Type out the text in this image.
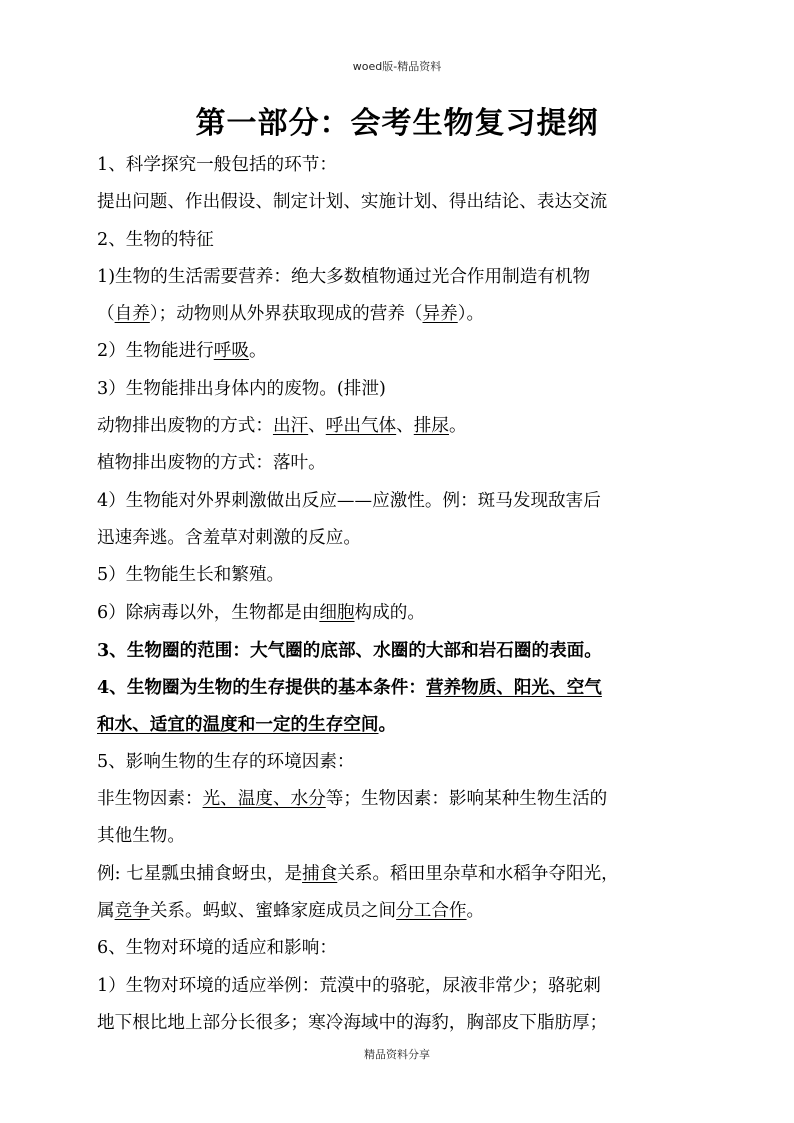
woed版-精品资料
第一部分：会考生物复习提纲
1、科学探究一般包括的环节：
提出问题、作出假设、制定计划、实施计划、得出结论、表达交流
2、生物的特征
1)生物的生活需要营养：绝大多数植物通过光合作用制造有机物
（自养）；动物则从外界获取现成的营养（异养）。
2）生物能进行呼吸。
3）生物能排出身体内的废物。(排泄)
动物排出废物的方式：出汗、呼出气体、排尿。
植物排出废物的方式：落叶。
4）生物能对外界刺激做出反应——应激性。例：斑马发现敌害后
迅速奔逃。含羞草对刺激的反应。
5）生物能生长和繁殖。
6）除病毒以外，生物都是由细胞构成的。
3、生物圈的范围：大气圈的底部、水圈的大部和岩石圈的表面。
4、生物圈为生物的生存提供的基本条件：营养物质、阳光、空气
和水、适宜的温度和一定的生存空间。
5、影响生物的生存的环境因素：
非生物因素：光、温度、水分等；生物因素：影响某种生物生活的
其他生物。
例: 七星瓢虫捕食蚜虫，是捕食关系。稻田里杂草和水稻争夺阳光，
属竞争关系。蚂蚁、蜜蜂家庭成员之间分工合作。
6、生物对环境的适应和影响：
1）生物对环境的适应举例：荒漠中的骆驼，尿液非常少；骆驼刺
地下根比地上部分长很多；寒冷海域中的海豹，胸部皮下脂肪厚；
精品资料分享
